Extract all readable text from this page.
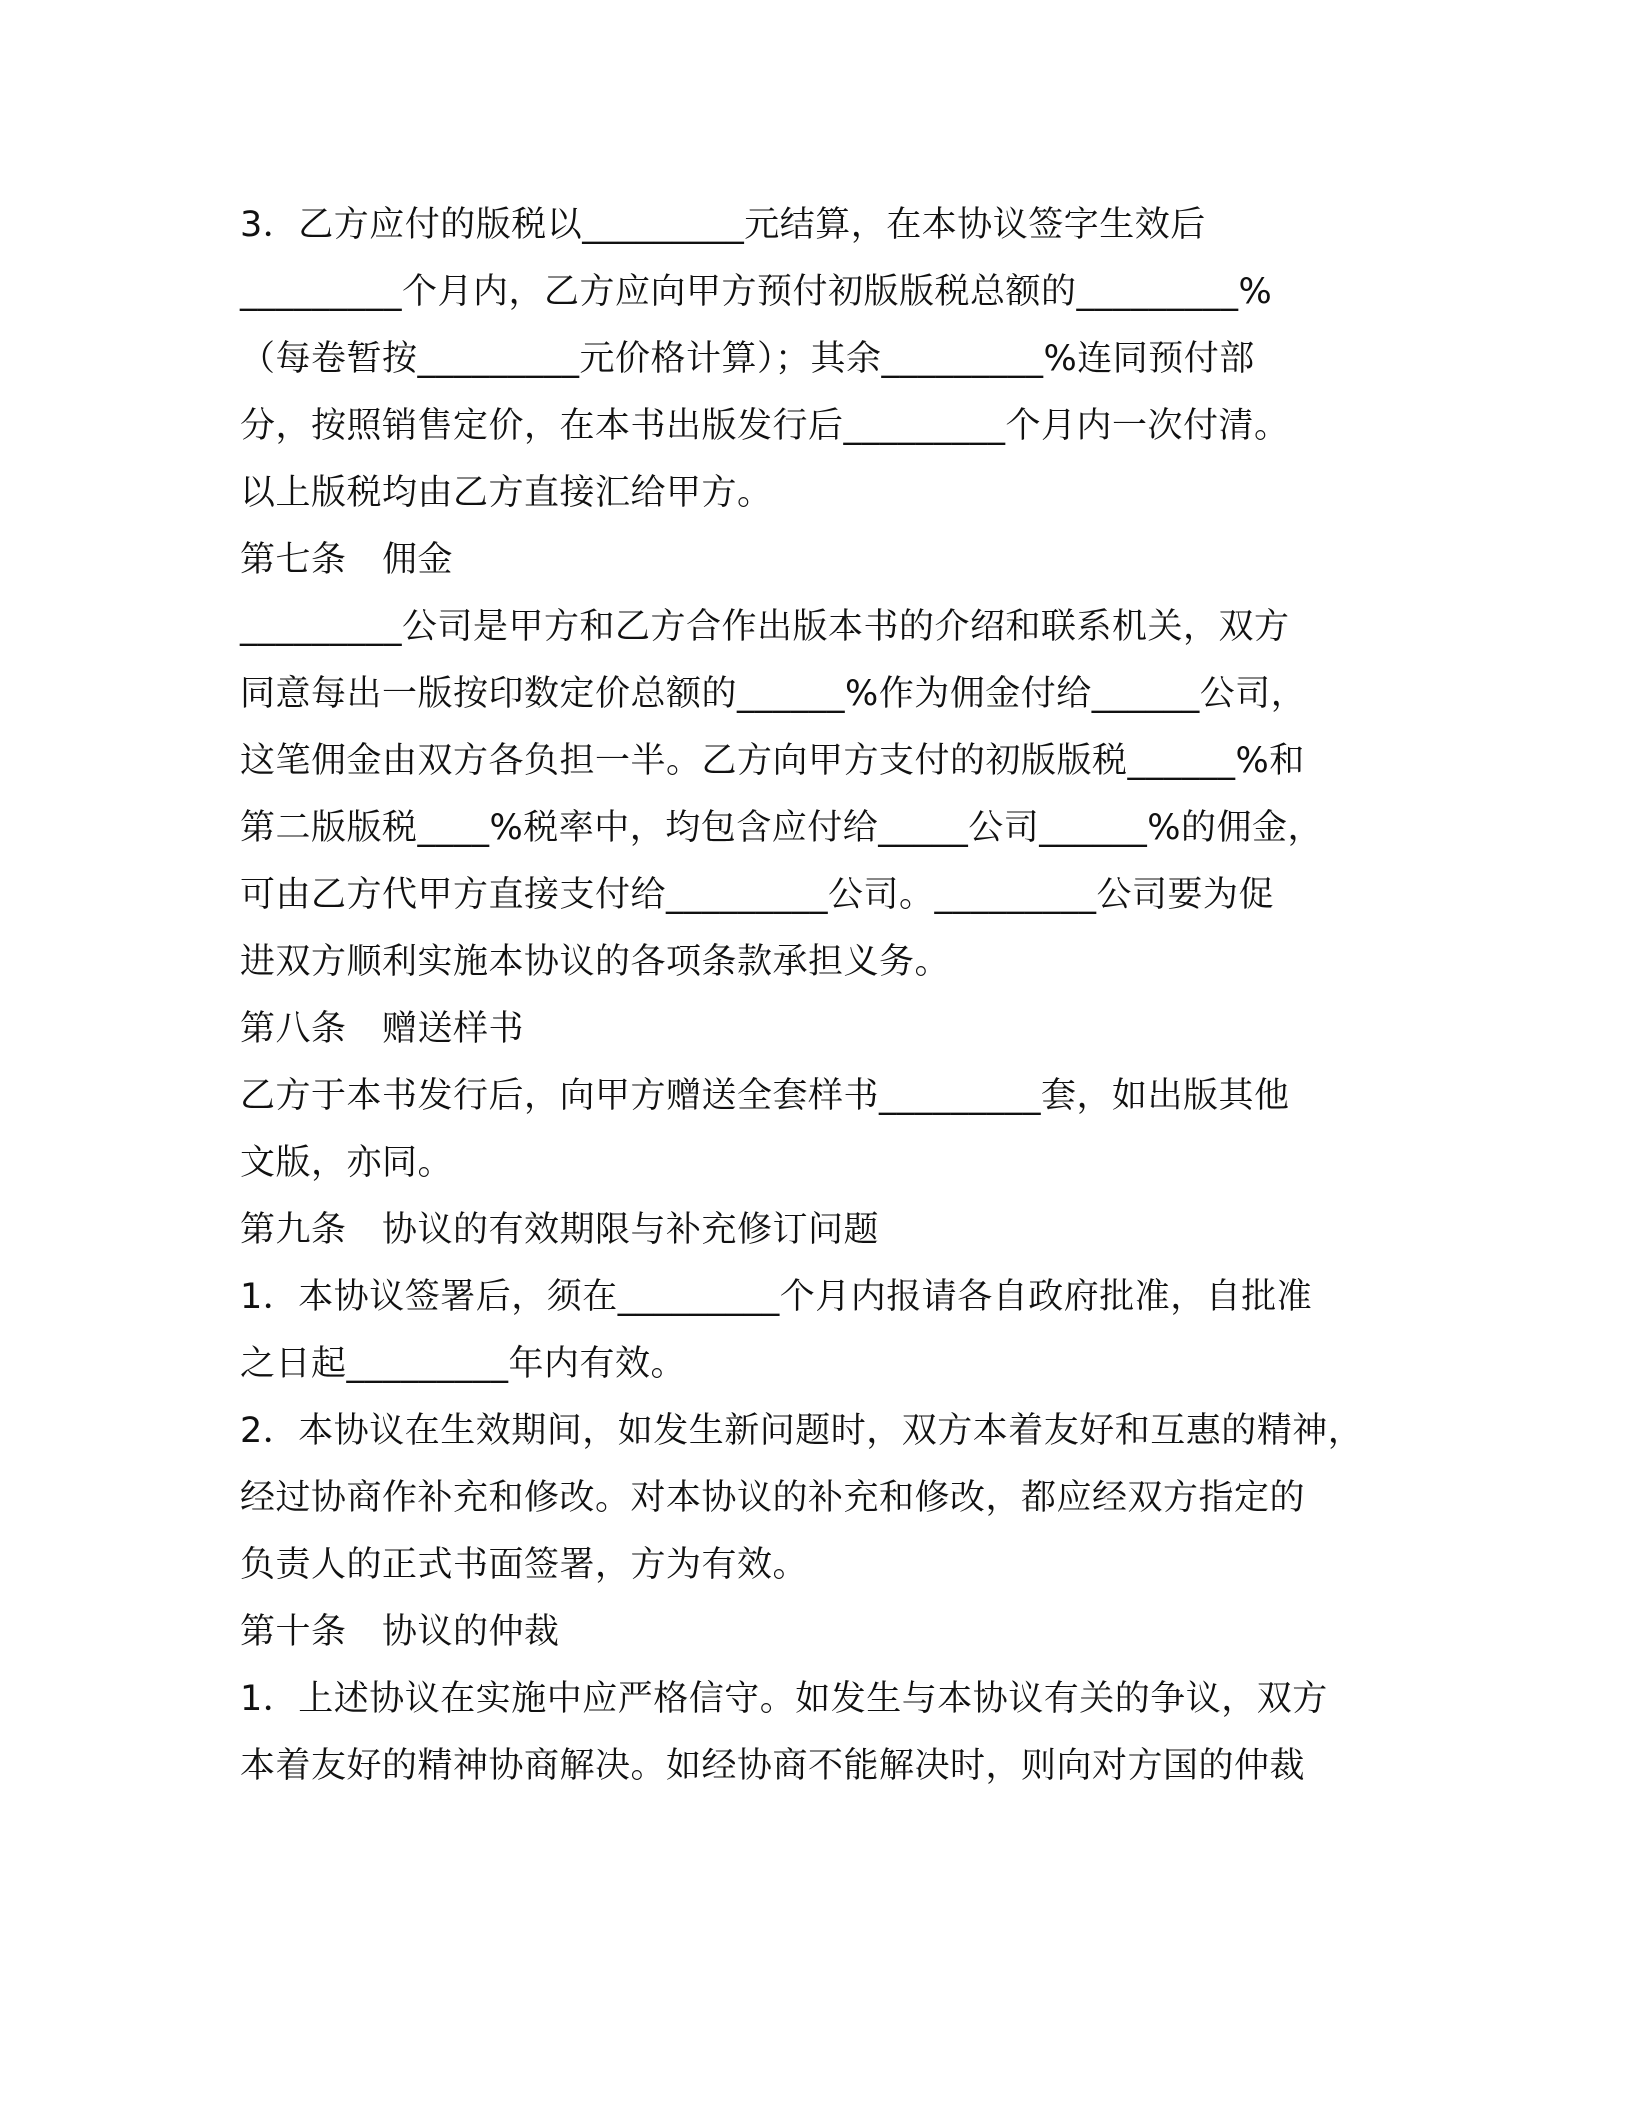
3．乙方应付的版税以_________元结算，在本协议签字生效后
_________个月内，乙方应向甲方预付初版版税总额的_________%
（每卷暂按_________元价格计算）；其余_________%连同预付部
分，按照销售定价，在本书出版发行后_________个月内一次付清。
以上版税均由乙方直接汇给甲方。
第七条　佣金
_________公司是甲方和乙方合作出版本书的介绍和联系机关，双方
同意每出一版按印数定价总额的______%作为佣金付给______公司，
这笔佣金由双方各负担一半。乙方向甲方支付的初版版税______%和
第二版版税____%税率中，均包含应付给_____公司______%的佣金，
可由乙方代甲方直接支付给_________公司。_________公司要为促
进双方顺利实施本协议的各项条款承担义务。
第八条　赠送样书
乙方于本书发行后，向甲方赠送全套样书_________套，如出版其他
文版，亦同。
第九条　协议的有效期限与补充修订问题
1．本协议签署后，须在_________个月内报请各自政府批准，自批准
之日起_________年内有效。
2．本协议在生效期间，如发生新问题时，双方本着友好和互惠的精神，
经过协商作补充和修改。对本协议的补充和修改，都应经双方指定的
负责人的正式书面签署，方为有效。
第十条　协议的仲裁
1．上述协议在实施中应严格信守。如发生与本协议有关的争议，双方
本着友好的精神协商解决。如经协商不能解决时，则向对方国的仲裁
